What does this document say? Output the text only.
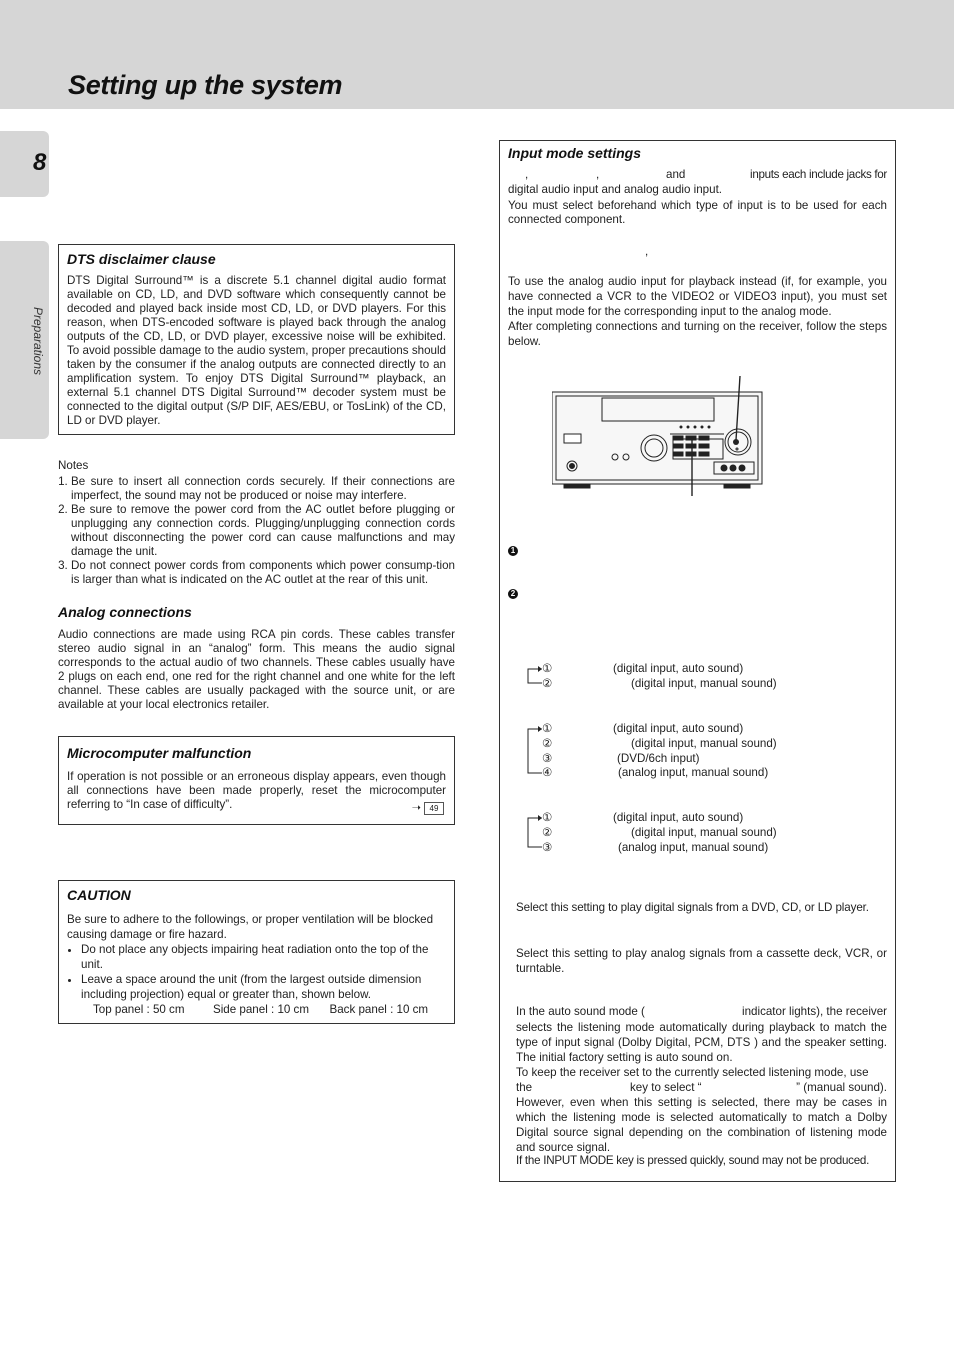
Setting up the system
8
Preparations
DTS disclaimer clause

DTS Digital Surround™ is a discrete 5.1 channel digital audio format available on CD, LD, and DVD software which consequently cannot be decoded and played back inside most CD, LD, or DVD players. For this reason, when DTS-encoded software is played back through the analog outputs of the CD, LD, or DVD player, excessive noise will be exhibited. To avoid possible damage to the audio system, proper precautions should taken by the consumer if the analog outputs are connected directly to an amplification system. To enjoy DTS Digital Surround™ playback, an external 5.1 channel DTS Digital Surround™ decoder system must be connected to the digital output (S/P DIF, AES/EBU, or TosLink) of the CD, LD or DVD player.

Notes

1. Be sure to insert all connection cords securely. If their connections are imperfect, the sound may not be produced or noise may interfere.
2. Be sure to remove the power cord from the AC outlet before plugging or unplugging any connection cords. Plugging/unplugging connection cords without disconnecting the power cord can cause malfunctions and may damage the unit.
3. Do not connect power cords from components which power consump-tion is larger than what is indicated on the AC outlet at the rear of this unit.
Analog connections

Audio connections are made using RCA pin cords. These cables transfer stereo audio signal in an “analog” form. This means the audio signal corresponds to the actual audio of two channels. These cables usually have 2 plugs on each end, one red for the right channel and one white for the left channel. These cables are usually packaged with the source unit, or are available at your local electronics retailer.

Microcomputer malfunction

If operation is not possible or an erroneous display appears, even though all connections have been made properly, reset the microcomputer referring to “In case of difficulty”.	➝ 49
CAUTION

Be sure to adhere to the followings, or proper ventilation will be blocked causing damage or fire hazard.

• Do not place any objects impairing heat radiation onto the top of the unit.
• Leave a space around the unit (from the largest outside dimension including projection) equal or greater than, shown below.
Top panel : 50 cm Side panel : 10 cm Back panel : 10 cm
Input mode settings
,	,	and	inputs each include jacks for

digital audio input and analog audio input.

You must select beforehand which type of input is to be used for each connected component.

,

To use the analog audio input for playback instead (if, for example, you have connected a VCR to the VIDEO2 or VIDEO3 input), you must set the input mode for the corresponding input to the analog mode.

After completing connections and turning on the receiver, follow the steps below.

1
2
①	(digital input, auto sound)
②	(digital input, manual sound)
①	(digital input, auto sound)
②	(digital input, manual sound)
③	(DVD/6ch input)
④	(analog input, manual sound)
①	(digital input, auto sound)
②	(digital input, manual sound)
③	(analog input, manual sound)

Select this setting to play digital signals from a DVD, CD, or LD player.

Select this setting to play analog signals from a cassette deck, VCR, or turntable.

In the auto sound mode (	indicator lights), the receiver

selects the listening mode automatically during playback to match the type of input signal (Dolby Digital, PCM, DTS ) and the speaker setting. The initial factory setting is auto sound on.

To keep the receiver set to the currently selected listening mode, use

the	key to select “	” (manual sound).

However, even when this setting is selected, there may be cases in which the listening mode is selected automatically to match a Dolby Digital source signal depending on the combination of listening mode and source signal.

If the INPUT MODE key is pressed quickly, sound may not be produced.
